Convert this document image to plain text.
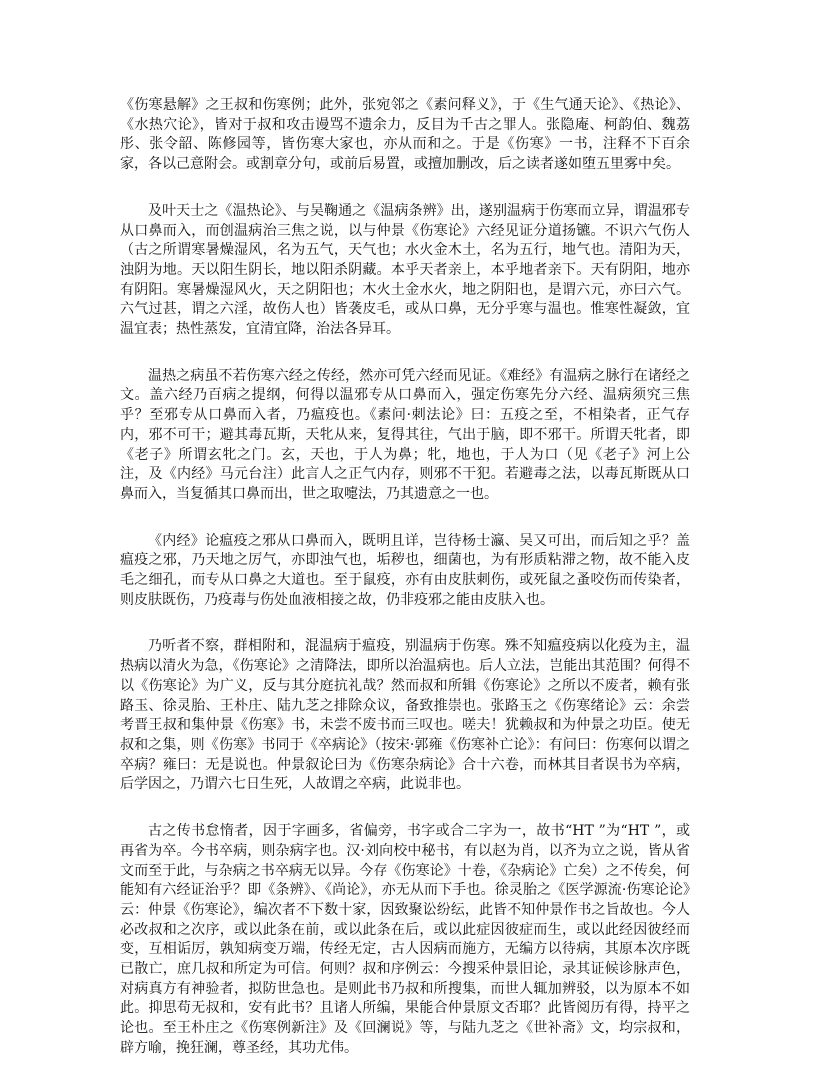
《伤寒悬解》之王叔和伤寒例；此外，张宛邻之《素问释义》，于《生气通天论》、《热论》、《水热穴论》，皆对于叔和攻击谩骂不遗余力，反目为千古之罪人。张隐庵、柯韵伯、魏荔彤、张令韶、陈修园等，皆伤寒大家也，亦从而和之。于是《伤寒》一书，注释不下百余家，各以己意附会。或割章分句，或前后易置，或擅加删改，后之读者遂如堕五里雾中矣。

及叶天士之《温热论》、与吴鞠通之《温病条辨》出，遂别温病于伤寒而立异，谓温邪专从口鼻而入，而创温病治三焦之说，以与仲景《伤寒论》六经见证分道扬镳。不识六气伤人（古之所谓寒暑燥湿风，名为五气，天气也；水火金木土，名为五行，地气也。清阳为天，浊阴为地。天以阳生阴长，地以阳杀阴藏。本乎天者亲上，本乎地者亲下。天有阴阳，地亦有阴阳。寒暑燥湿风火，天之阴阳也；木火土金水火，地之阴阳也，是谓六元，亦曰六气。六气过甚，谓之六淫，故伤人也）皆袭皮毛，或从口鼻，无分乎寒与温也。惟寒性凝敛，宜温宜表；热性蒸发，宜清宜降，治法各异耳。

温热之病虽不若伤寒六经之传经，然亦可凭六经而见证。《难经》有温病之脉行在诸经之文。盖六经乃百病之提纲，何得以温邪专从口鼻而入，强定伤寒先分六经、温病须究三焦乎？至邪专从口鼻而入者，乃瘟疫也。《素问·刺法论》曰：五疫之至，不相染者，正气存内，邪不可干；避其毒瓦斯，天牝从来，复得其往，气出于脑，即不邪干。所谓天牝者，即《老子》所谓玄牝之门。玄，天也，于人为鼻；牝，地也，于人为口（见《老子》河上公注，及《内经》马元台注）此言人之正气内存，则邪不干犯。若避毒之法，以毒瓦斯既从口鼻而入，当复循其口鼻而出，世之取嚏法，乃其遗意之一也。

《内经》论瘟疫之邪从口鼻而入，既明且详，岂待杨士瀛、吴又可出，而后知之乎？盖瘟疫之邪，乃天地之厉气，亦即浊气也，垢秽也，细菌也，为有形质粘滞之物，故不能入皮毛之细孔，而专从口鼻之大道也。至于鼠疫，亦有由皮肤刺伤，或死鼠之蚤咬伤而传染者，则皮肤既伤，乃疫毒与伤处血液相接之故，仍非疫邪之能由皮肤入也。

乃听者不察，群相附和，混温病于瘟疫，别温病于伤寒。殊不知瘟疫病以化疫为主，温热病以清火为急，《伤寒论》之清降法，即所以治温病也。后人立法，岂能出其范围？何得不以《伤寒论》为广义，反与其分庭抗礼哉？然而叔和所辑《伤寒论》之所以不废者，赖有张路玉、徐灵胎、王朴庄、陆九芝之排除众议，备致推崇也。张路玉之《伤寒绪论》云：余尝考晋王叔和集仲景《伤寒》书，未尝不废书而三叹也。嗟夫！犹赖叔和为仲景之功臣。使无叔和之集，则《伤寒》书同于《卒病论》（按宋·郭雍《伤寒补亡论》：有问曰：伤寒何以谓之卒病？雍曰：无是说也。仲景叙论曰为《伤寒杂病论》合十六卷，而林其目者误书为卒病，后学因之，乃谓六七日生死，人故谓之卒病，此说非也。

古之传书怠惰者，因于字画多，省偏旁，书字或合二字为一，故书“HT ”为“HT ”，或再省为卒。今书卒病，则杂病字也。汉·刘向校中秘书，有以赵为肖，以齐为立之说，皆从省文而至于此，与杂病之书卒病无以异。今存《伤寒论》十卷，《杂病论》亡矣）之不传矣，何能知有六经证治乎？即《条辨》、《尚论》，亦无从而下手也。徐灵胎之《医学源流·伤寒论论》云：仲景《伤寒论》，编次者不下数十家，因致聚讼纷纭，此皆不知仲景作书之旨故也。今人必改叔和之次序，或以此条在前，或以此条在后，或以此症因彼症而生，或以此经因彼经而变，互相诟厉，孰知病变万端，传经无定，古人因病而施方，无编方以待病，其原本次序既已散亡，庶几叔和所定为可信。何则？叔和序例云：今搜采仲景旧论，录其证候诊脉声色，对病真方有神验者，拟防世急也。是则此书乃叔和所搜集，而世人辄加辨驳，以为原本不如此。抑思苟无叔和，安有此书？且诸人所编，果能合仲景原文否耶？此皆阅历有得，持平之论也。至王朴庄之《伤寒例新注》及《回澜说》等，与陆九芝之《世补斋》文，均宗叔和，辟方喻，挽狂澜，尊圣经，其功尤伟。
